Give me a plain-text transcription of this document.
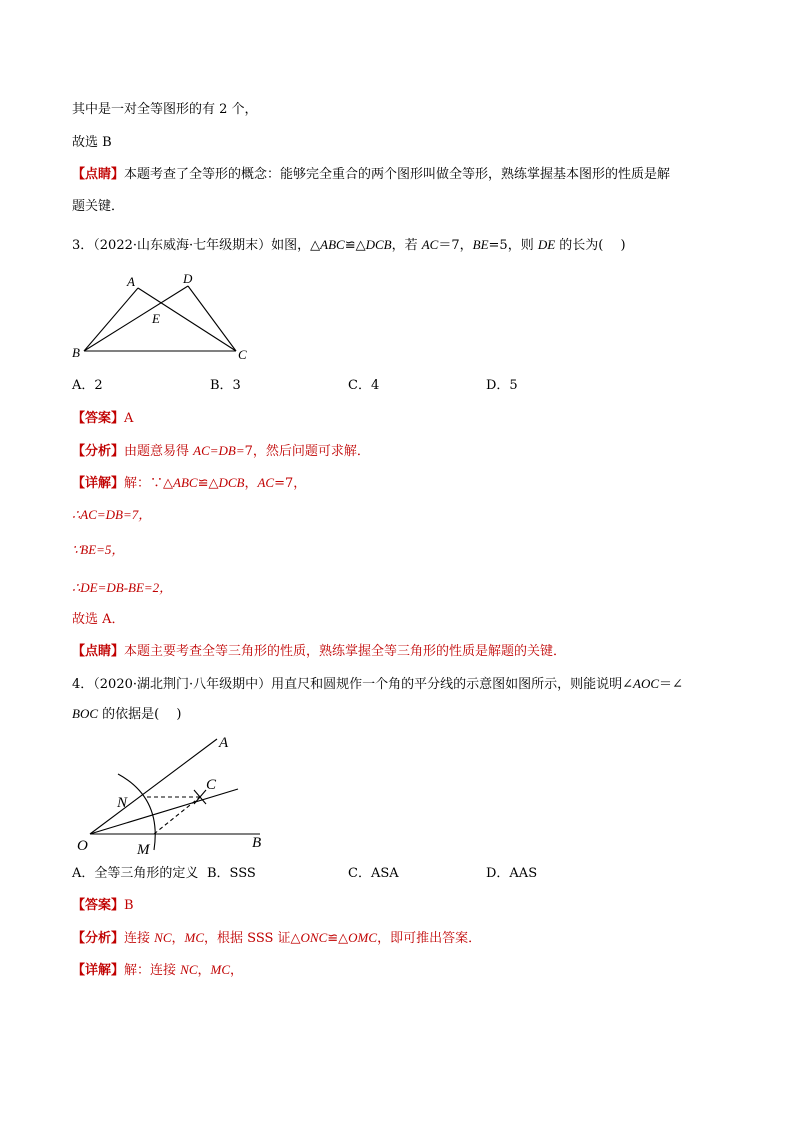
其中是一对全等图形的有 2 个，
故选 B
【点睛】本题考查了全等形的概念：能够完全重合的两个图形叫做全等形，熟练掌握基本图形的性质是解
题关键．
3．（2022·山东威海·七年级期末）如图，△ABC≌△DCB，若 AC＝7，BE=5，则 DE 的长为(　 )
A	D
E
B	C
A．2	B．3	C．4	D．5
【答案】A
【分析】由题意易得 AC=DB=7，然后问题可求解．
【详解】解：∵△ABC≌△DCB，AC=7，
∴AC=DB=7，
∵BE=5，
∴DE=DB-BE=2，
故选 A．
【点睛】本题主要考查全等三角形的性质，熟练掌握全等三角形的性质是解题的关键．
4．（2020·湖北荆门·八年级期中）用直尺和圆规作一个角的平分线的示意图如图所示，则能说明∠AOC＝∠
BOC 的依据是(　 )
A
C
N
B
O	M
A．全等三角形的定义 B．SSS	C．ASA	D．AAS
【答案】B
【分析】连接 NC，MC，根据 SSS 证△ONC≌△OMC，即可推出答案．
【详解】解：连接 NC，MC，
